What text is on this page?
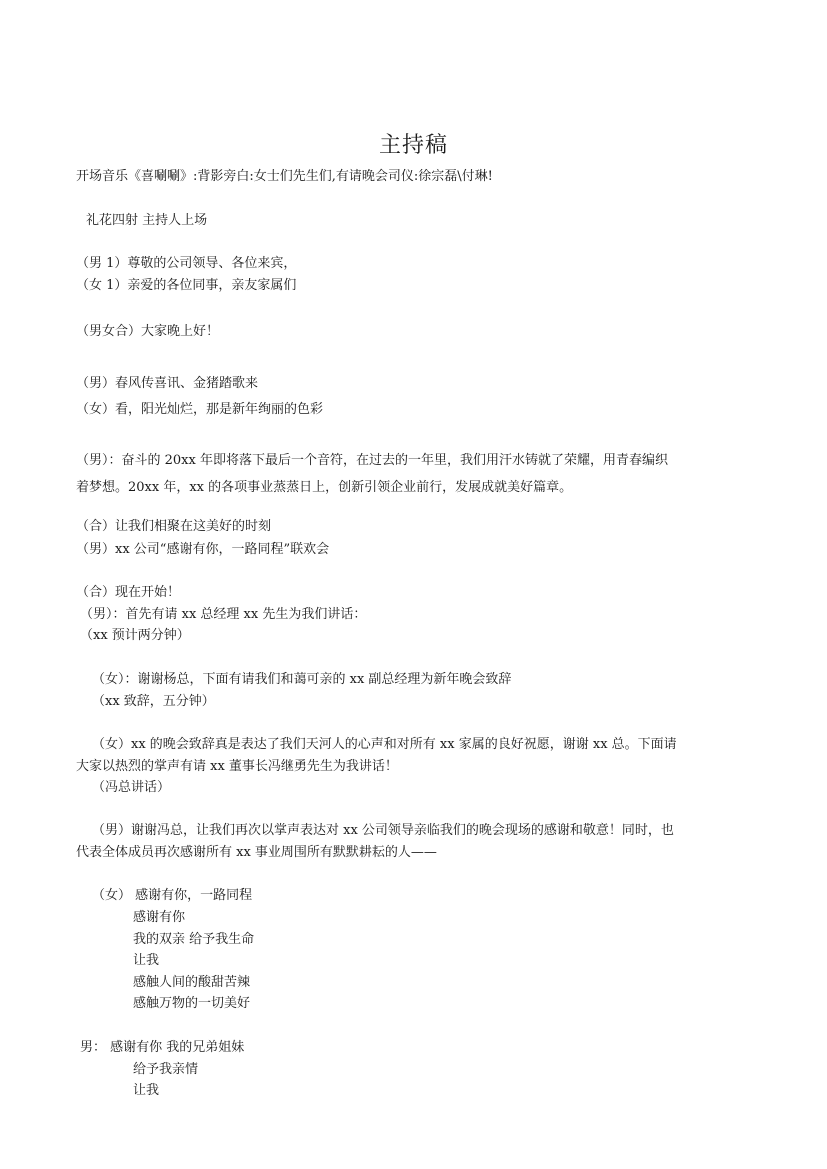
主持稿
开场音乐《喜唰唰》:背影旁白:女士们先生们,有请晚会司仪:徐宗磊\付琳!
礼花四射 主持人上场
（男 1）尊敬的公司领导、各位来宾，
（女 1）亲爱的各位同事，亲友家属们
（男女合）大家晚上好！
（男）春风传喜讯、金猪踏歌来
（女）看，阳光灿烂，那是新年绚丽的色彩
（男）：奋斗的 20xx 年即将落下最后一个音符，在过去的一年里，我们用汗水铸就了荣耀，用青春编织
着梦想。20xx 年，xx 的各项事业蒸蒸日上，创新引领企业前行，发展成就美好篇章。
（合）让我们相聚在这美好的时刻
（男）xx 公司“感谢有你，一路同程”联欢会
（合）现在开始！
（男）：首先有请 xx 总经理 xx 先生为我们讲话：
（xx 预计两分钟）
（女）：谢谢杨总，下面有请我们和蔼可亲的 xx 副总经理为新年晚会致辞
（xx 致辞，五分钟）
（女）xx 的晚会致辞真是表达了我们天河人的心声和对所有 xx 家属的良好祝愿，谢谢 xx 总。下面请
大家以热烈的掌声有请 xx 董事长冯继勇先生为我讲话！
（冯总讲话）
（男）谢谢冯总，让我们再次以掌声表达对 xx 公司领导亲临我们的晚会现场的感谢和敬意！同时，也
代表全体成员再次感谢所有 xx 事业周围所有默默耕耘的人——
（女） 感谢有你，一路同程
感谢有你
我的双亲 给予我生命
让我
感触人间的酸甜苦辣
感触万物的一切美好
男： 感谢有你 我的兄弟姐妹
给予我亲情
让我
